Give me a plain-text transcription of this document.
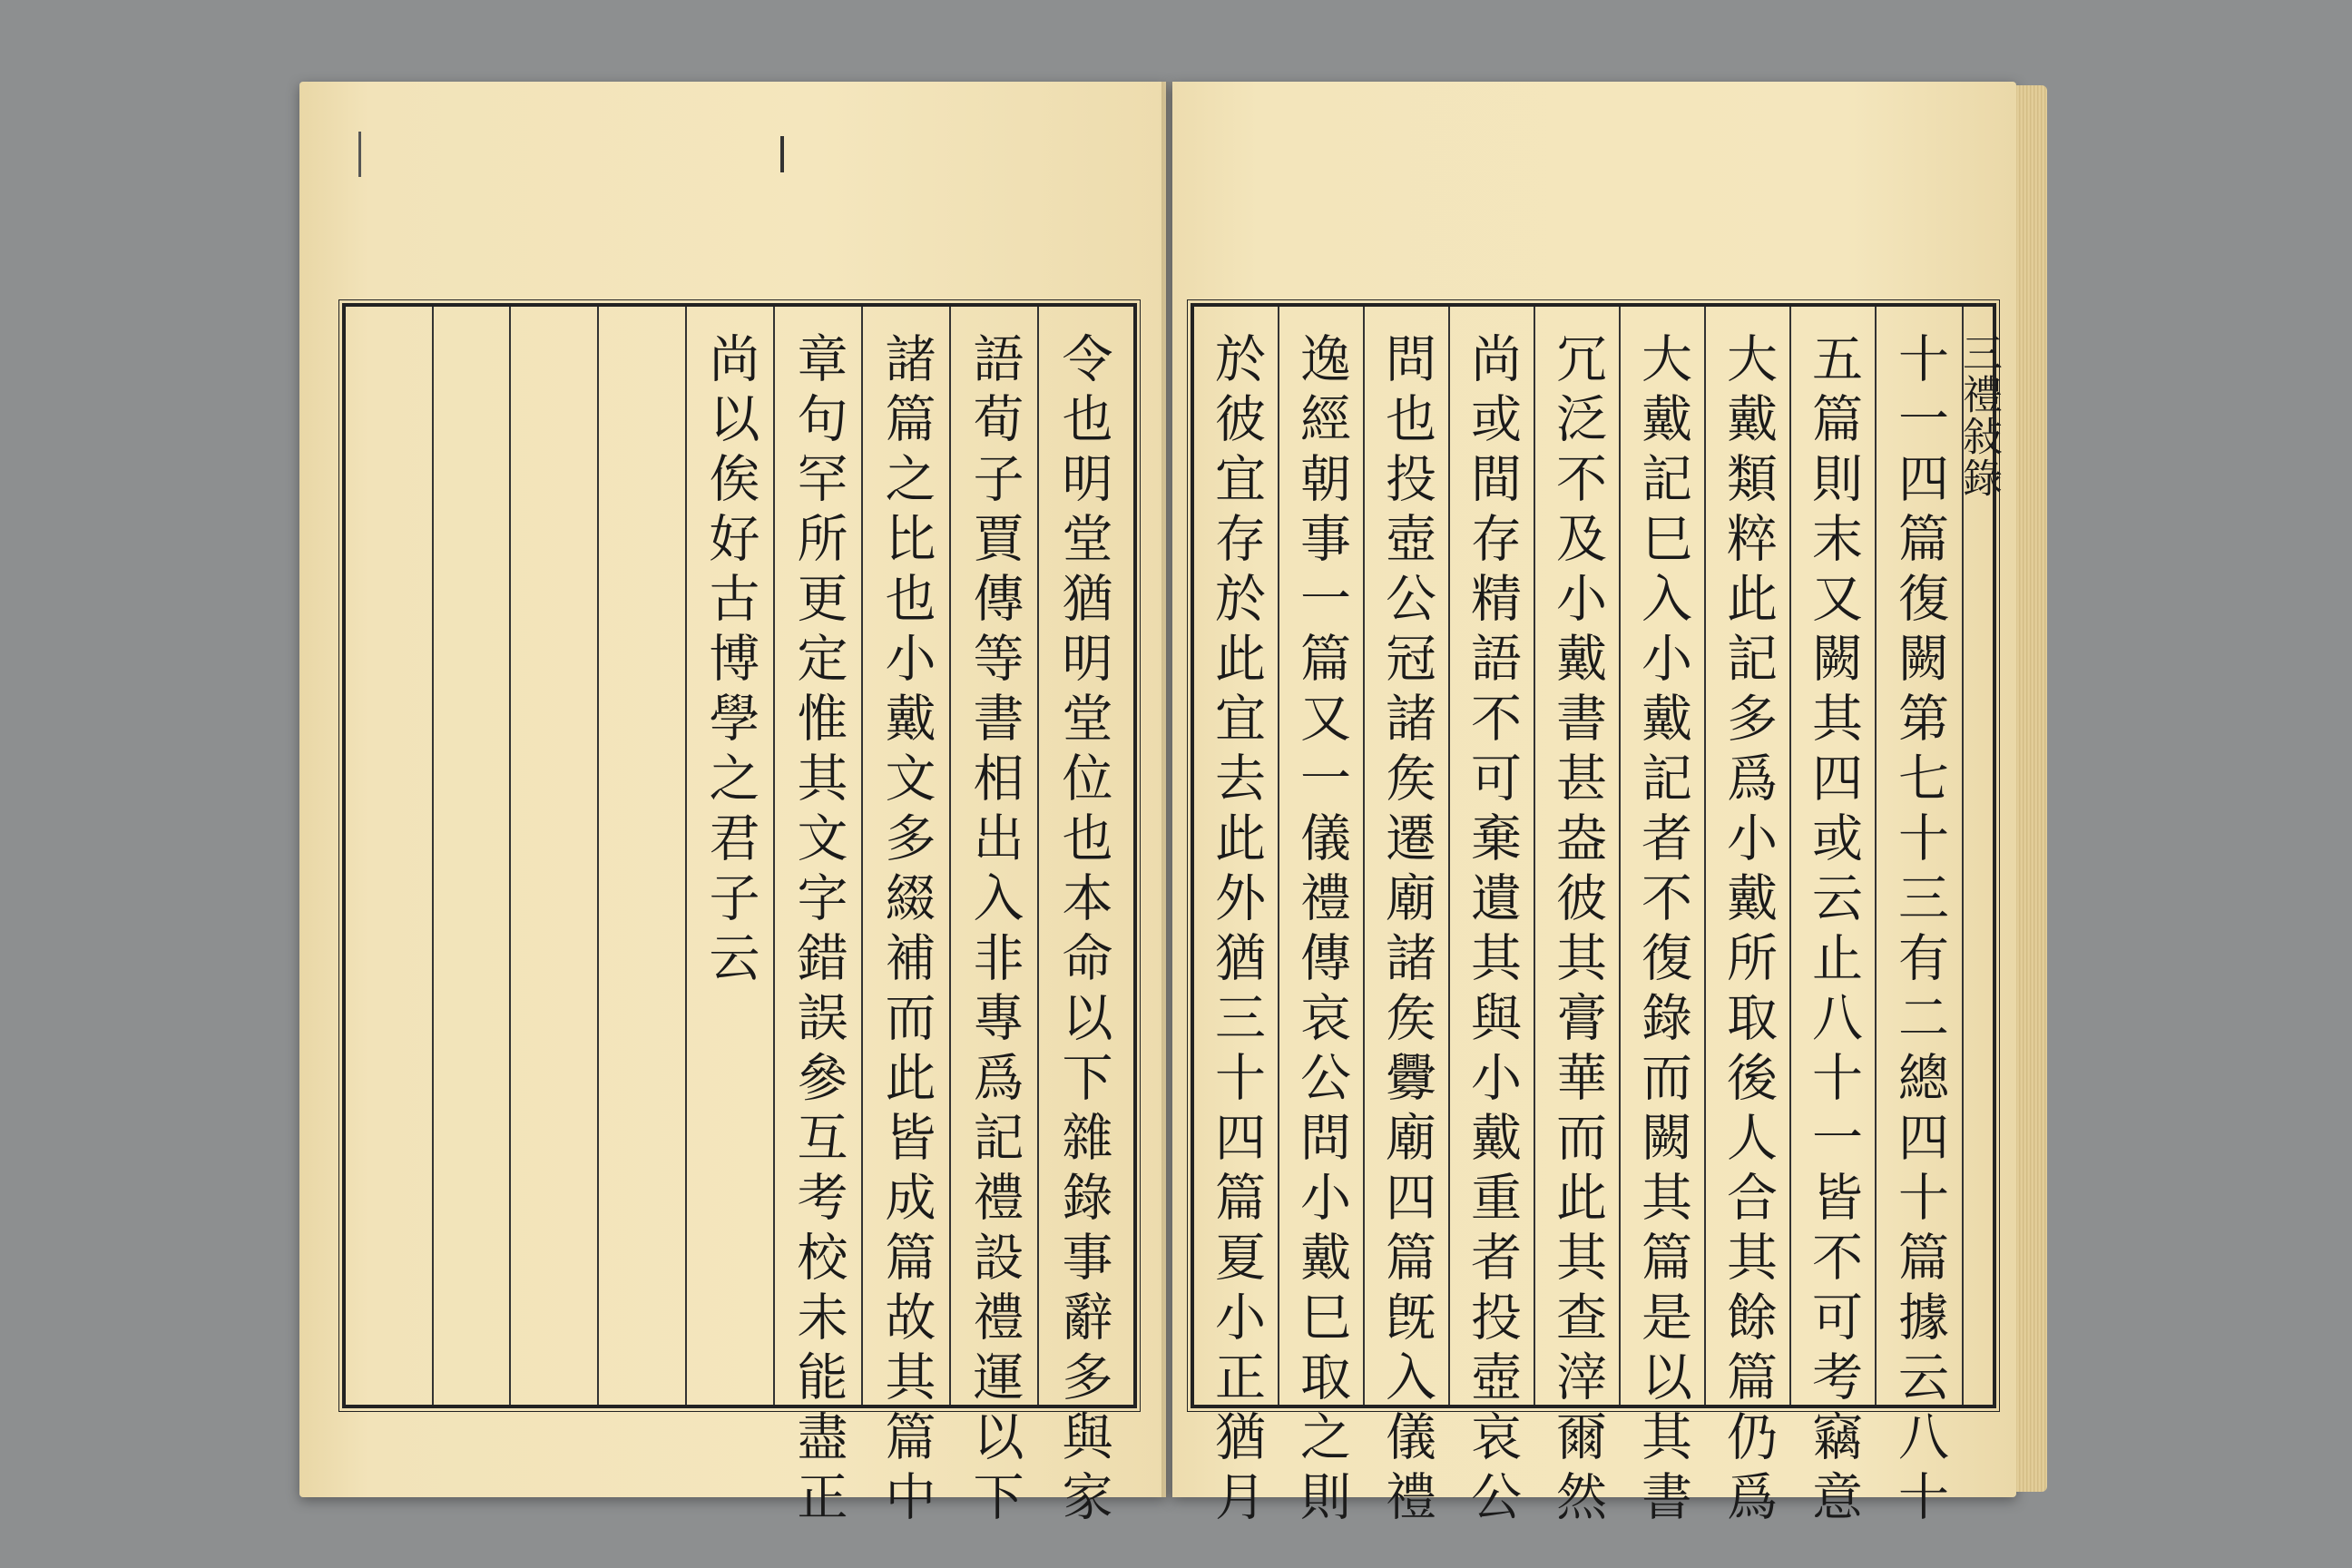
尚以俟好古博學之君子云 章句罕所更定惟其文字錯誤參互考校未能盡正 諸篇之比也小戴文多綴補而此皆成篇故其篇中 語荀子賈傳等書相出入非專爲記禮設禮運以下 令也明堂猶明堂位也本命以下雜錄事辭多與家 於彼宜存於此宜去此外猶三十四篇夏小正猶月 逸經朝事一篇又一儀禮傳哀公問小戴巳取之則 問也投壺公冠諸矦遷廟諸矦釁廟四篇旣入儀禮 尚或間存精語不可棄遺其與小戴重者投壺哀公 冗泛不及小戴書甚盎彼其膏華而此其查滓爾然 大戴記巳入小戴記者不復錄而闕其篇是以其書 大戴類粹此記多爲小戴所取後人合其餘篇仍爲 五篇則末又闕其四或云止八十一皆不可考竊意 十一四篇復闕第七十三有二總四十篇據云八十 三禮敍錄
